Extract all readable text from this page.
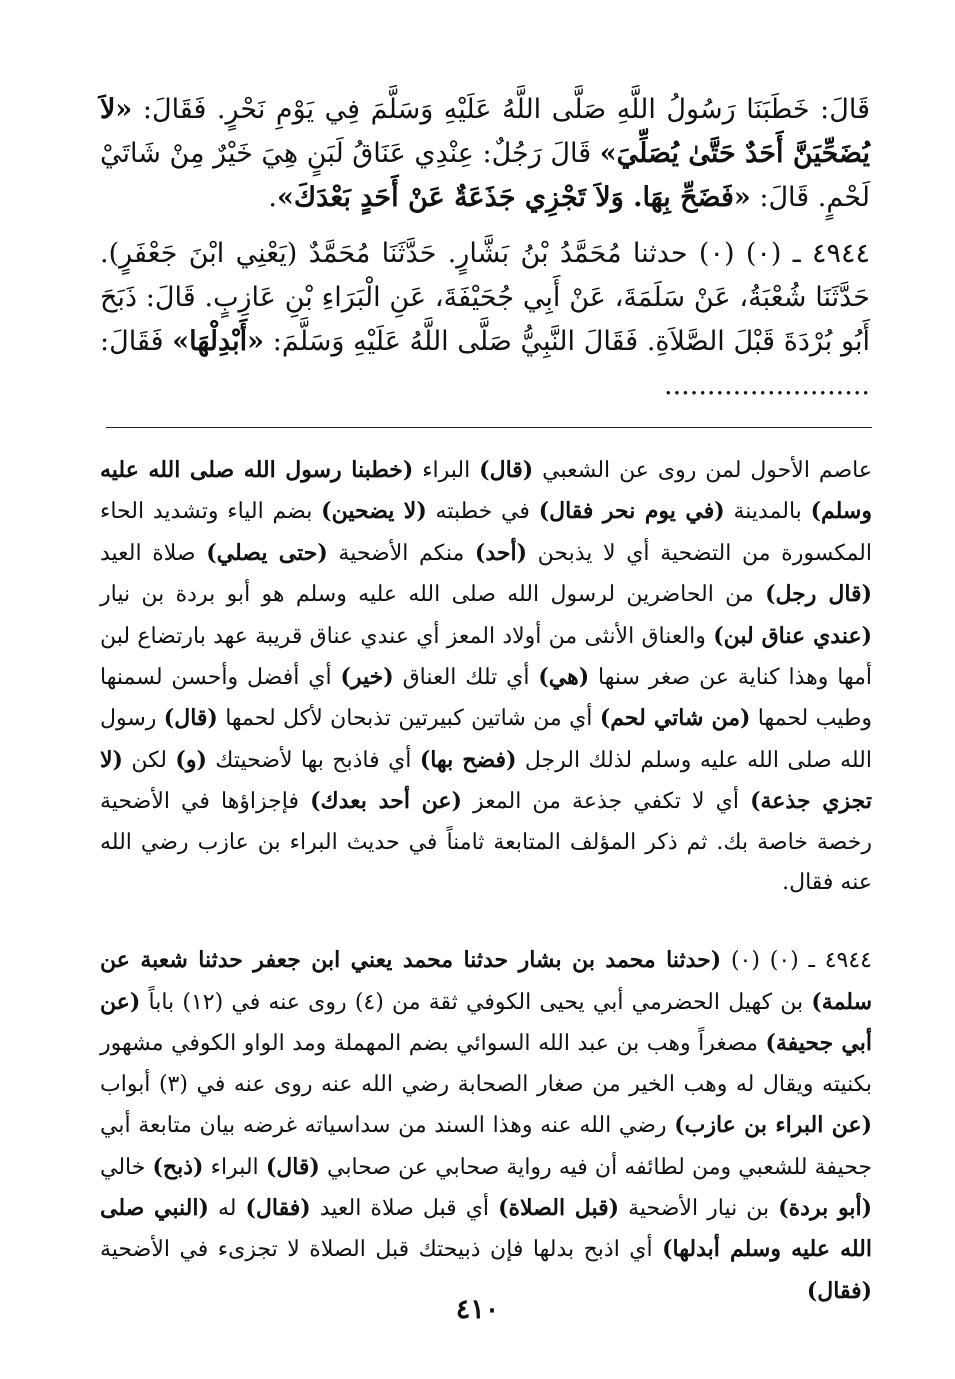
قَالَ: خَطَبَنَا رَسُولُ اللَّهِ صَلَّى اللَّهُ عَلَيْهِ وَسَلَّمَ فِي يَوْمِ نَحْرٍ. فَقَالَ: «لاَ يُضَحِّيَنَّ أَحَدٌ حَتَّىٰ يُصَلِّيَ» قَالَ رَجُلٌ: عِنْدِي عَنَاقُ لَبَنٍ هِيَ خَيْرٌ مِنْ شَاتَيْ لَحْمٍ. قَالَ: «فَضَحِّ بِهَا. وَلاَ تَجْزِي جَذَعَةٌ عَنْ أَحَدٍ بَعْدَكَ».

٤٩٤٤ ـ (٠) (٠) حدثنا مُحَمَّدُ بْنُ بَشَّارٍ. حَدَّثَنَا مُحَمَّدٌ (يَعْنِي ابْنَ جَعْفَرٍ). حَدَّثَنَا شُعْبَةُ، عَنْ سَلَمَةَ، عَنْ أَبِي جُحَيْفَةَ، عَنِ الْبَرَاءِ بْنِ عَازِبٍ. قَالَ: ذَبَحَ أَبُو بُرْدَةَ قَبْلَ الصَّلاَةِ. فَقَالَ النَّبِيُّ صَلَّى اللَّهُ عَلَيْهِ وَسَلَّمَ: «أَبْدِلْهَا» فَقَالَ: ........................

عاصم الأحول لمن روى عن الشعبي (قال) البراء (خطبنا رسول الله صلى الله عليه وسلم) بالمدينة (في يوم نحر فقال) في خطبته (لا يضحين) بضم الياء وتشديد الحاء المكسورة من التضحية أي لا يذبحن (أحد) منكم الأضحية (حتى يصلي) صلاة العيد (قال رجل) من الحاضرين لرسول الله صلى الله عليه وسلم هو أبو بردة بن نيار (عندي عناق لبن) والعناق الأنثى من أولاد المعز أي عندي عناق قريبة عهد بارتضاع لبن أمها وهذا كناية عن صغر سنها (هي) أي تلك العناق (خير) أي أفضل وأحسن لسمنها وطيب لحمها (من شاتي لحم) أي من شاتين كبيرتين تذبحان لأكل لحمها (قال) رسول الله صلى الله عليه وسلم لذلك الرجل (فضح بها) أي فاذبح بها لأضحيتك (و) لكن (لا تجزي جذعة) أي لا تكفي جذعة من المعز (عن أحد بعدك) فإجزاؤها في الأضحية رخصة خاصة بك. ثم ذكر المؤلف المتابعة ثامناً في حديث البراء بن عازب رضي الله عنه فقال.

٤٩٤٤ ـ (٠) (٠) (حدثنا محمد بن بشار حدثنا محمد يعني ابن جعفر حدثنا شعبة عن سلمة) بن كهيل الحضرمي أبي يحيى الكوفي ثقة من (٤) روى عنه في (١٢) باباً (عن أبي جحيفة) مصغراً وهب بن عبد الله السوائي بضم المهملة ومد الواو الكوفي مشهور بكنيته ويقال له وهب الخير من صغار الصحابة رضي الله عنه روى عنه في (٣) أبواب (عن البراء بن عازب) رضي الله عنه وهذا السند من سداسياته غرضه بيان متابعة أبي جحيفة للشعبي ومن لطائفه أن فيه رواية صحابي عن صحابي (قال) البراء (ذبح) خالي (أبو بردة) بن نيار الأضحية (قبل الصلاة) أي قبل صلاة العيد (فقال) له (النبي صلى الله عليه وسلم أبدلها) أي اذبح بدلها فإن ذبيحتك قبل الصلاة لا تجزىء في الأضحية (فقال)

٤١٠
